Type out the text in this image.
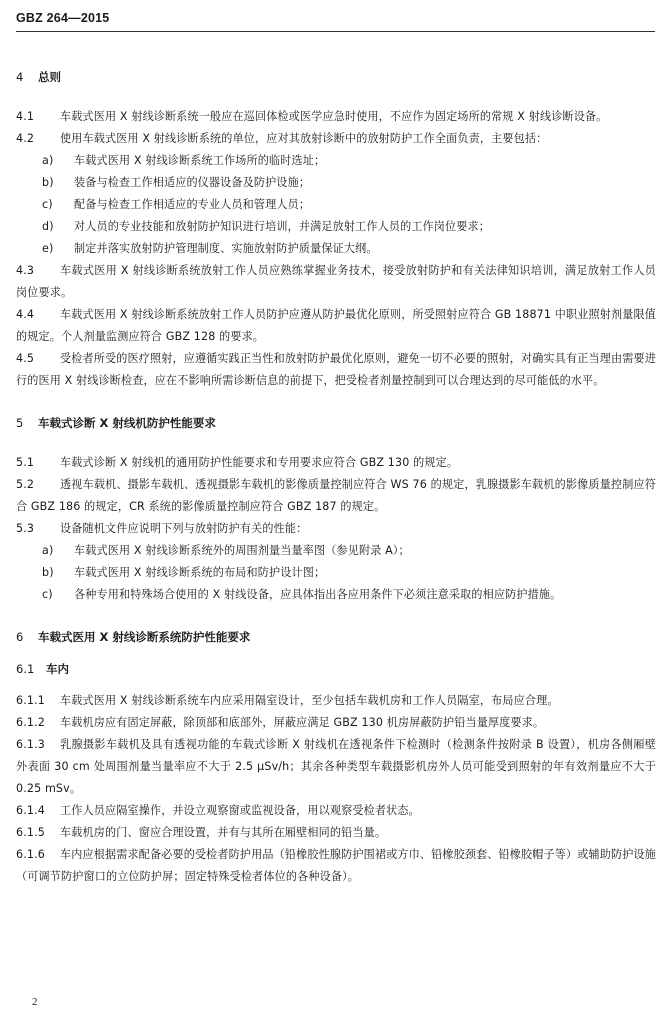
GBZ 264—2015
4 总则
4.1 车载式医用 X 射线诊断系统一般应在巡回体检或医学应急时使用，不应作为固定场所的常规 X 射线诊断设备。
4.2 使用车载式医用 X 射线诊断系统的单位，应对其放射诊断中的放射防护工作全面负责，主要包括：
a)	车载式医用 X 射线诊断系统工作场所的临时选址；
b)	装备与检查工作相适应的仪器设备及防护设施；
c)	配备与检查工作相适应的专业人员和管理人员；
d)	对人员的专业技能和放射防护知识进行培训，并满足放射工作人员的工作岗位要求；
e)	制定并落实放射防护管理制度、实施放射防护质量保证大纲。
4.3 车载式医用 X 射线诊断系统放射工作人员应熟练掌握业务技术，接受放射防护和有关法律知识培训，满足放射工作人员岗位要求。
4.4 车载式医用 X 射线诊断系统放射工作人员防护应遵从防护最优化原则，所受照射应符合 GB 18871 中职业照射剂量限值的规定。个人剂量监测应符合 GBZ 128 的要求。
4.5 受检者所受的医疗照射，应遵循实践正当性和放射防护最优化原则，避免一切不必要的照射，对确实具有正当理由需要进行的医用 X 射线诊断检查，应在不影响所需诊断信息的前提下，把受检者剂量控制到可以合理达到的尽可能低的水平。
5 车载式诊断 X 射线机防护性能要求
5.1 车载式诊断 X 射线机的通用防护性能要求和专用要求应符合 GBZ 130 的规定。
5.2 透视车载机、摄影车载机、透视摄影车载机的影像质量控制应符合 WS 76 的规定，乳腺摄影车载机的影像质量控制应符合 GBZ 186 的规定，CR 系统的影像质量控制应符合 GBZ 187 的规定。
5.3 设备随机文件应说明下列与放射防护有关的性能：
a)	车载式医用 X 射线诊断系统外的周围剂量当量率图（参见附录 A）；
b)	车载式医用 X 射线诊断系统的布局和防护设计图；
c)	各种专用和特殊场合使用的 X 射线设备，应具体指出各应用条件下必须注意采取的相应防护措施。
6 车载式医用 X 射线诊断系统防护性能要求
6.1 车内
6.1.1 车载式医用 X 射线诊断系统车内应采用隔室设计，至少包括车载机房和工作人员隔室，布局应合理。
6.1.2 车载机房应有固定屏蔽，除顶部和底部外，屏蔽应满足 GBZ 130 机房屏蔽防护铅当量厚度要求。
6.1.3 乳腺摄影车载机及具有透视功能的车载式诊断 X 射线机在透视条件下检测时（检测条件按附录 B 设置），机房各侧厢壁外表面 30 cm 处周围剂量当量率应不大于 2.5 μSv/h；其余各种类型车载摄影机房外人员可能受到照射的年有效剂量应不大于 0.25 mSv。
6.1.4 工作人员应隔室操作，并设立观察窗或监视设备，用以观察受检者状态。
6.1.5 车载机房的门、窗应合理设置，并有与其所在厢壁相同的铅当量。
6.1.6 车内应根据需求配备必要的受检者防护用品（铅橡胶性腺防护围裙或方巾、铅橡胶颈套、铅橡胶帽子等）或辅助防护设施（可调节防护窗口的立位防护屏；固定特殊受检者体位的各种设备）。
2
